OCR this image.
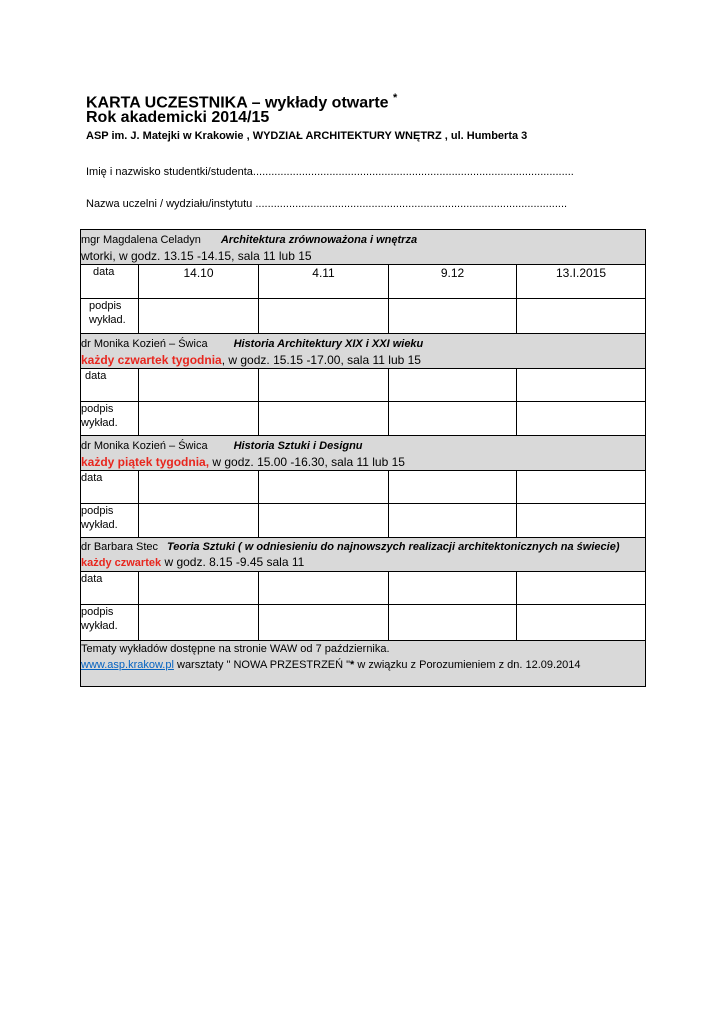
KARTA UCZESTNIKA – wykłady otwarte *
Rok akademicki 2014/15
ASP im. J. Matejki w Krakowie , WYDZIAŁ ARCHITEKTURY WNĘTRZ , ul. Humberta 3
Imię i nazwisko studentki/studenta.........................................................................................................
Nazwa uczelni / wydziału/instytutu ......................................................................................................
mgr Magdalena Celadyn Architektura zrównoważona i wnętrza
wtorki, w godz. 13.15 -14.15, sala 11 lub 15				

data	14.10	4.11	9.12	13.I.2015
podpis wykład.				

dr Monika Kozień – Świca Historia Architektury XIX i XXI wieku
każdy czwartek tygodnia, w godz. 15.15 -17.00, sala 11 lub 15				

data				
podpis wykład.				

dr Monika Kozień – Świca Historia Sztuki i Designu
każdy piątek tygodnia, w godz. 15.00 -16.30, sala 11 lub 15				

data				
podpis wykład.				

dr Barbara Stec Teoria Sztuki ( w odniesieniu do najnowszych realizacji architektonicznych na świecie)
każdy czwartek w godz. 8.15 -9.45 sala 11				

data				
podpis wykład.				

Tematy wykładów dostępne na stronie WAW od 7 października.
www.asp.krakow.pl warsztaty " NOWA PRZESTRZEŃ "* w związku z Porozumieniem z dn. 12.09.2014				
